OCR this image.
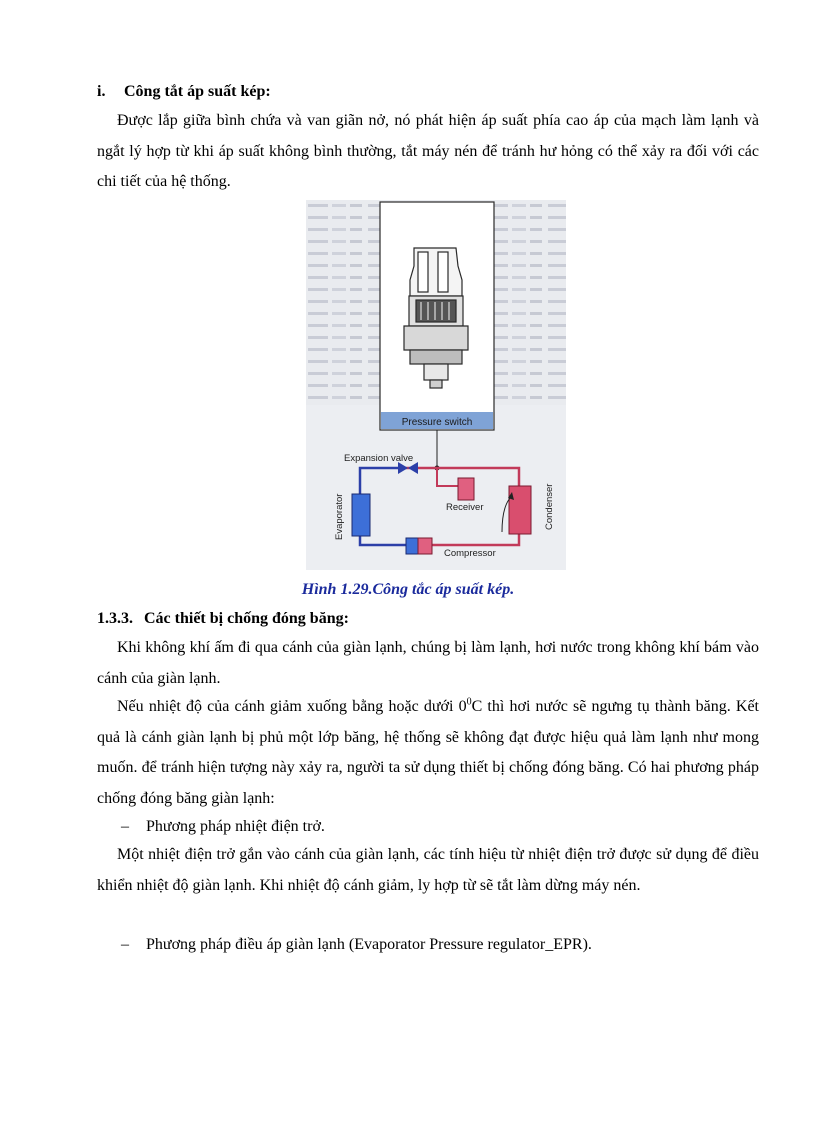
i. Công tắt áp suất kép:
Được lắp giữa bình chứa và van giãn nở, nó phát hiện áp suất phía cao áp của mạch làm lạnh và ngắt lý hợp từ khi áp suất không bình thường, tắt máy nén để tránh hư hỏng có thể xảy ra đối với các chi tiết của hệ thống.
Pressure switch
Expansion valve
Evaporator	Receiver	Condenser
Compressor
Hình 1.29.Công tắc áp suất kép.
1.3.3. Các thiết bị chống đóng băng:
Khi không khí ấm đi qua cánh của giàn lạnh, chúng bị làm lạnh, hơi nước trong không khí bám vào cánh của giàn lạnh.
Nếu nhiệt độ của cánh giảm xuống bằng hoặc dưới $0^0C$ thì hơi nước sẽ ngưng tụ thành băng. Kết quả là cánh giàn lạnh bị phủ một lớp băng, hệ thống sẽ không đạt được hiệu quả làm lạnh như mong muốn. để tránh hiện tượng này xảy ra, người ta sử dụng thiết bị chống đóng băng. Có hai phương pháp chống đóng băng giàn lạnh:
– Phương pháp nhiệt điện trở.
Một nhiệt điện trở gắn vào cánh của giàn lạnh, các tính hiệu từ nhiệt điện trở được sử dụng để điều khiển nhiệt độ giàn lạnh. Khi nhiệt độ cánh giảm, ly hợp từ sẽ tắt làm dừng máy nén.
– Phương pháp điều áp giàn lạnh (Evaporator Pressure regulator_EPR).
